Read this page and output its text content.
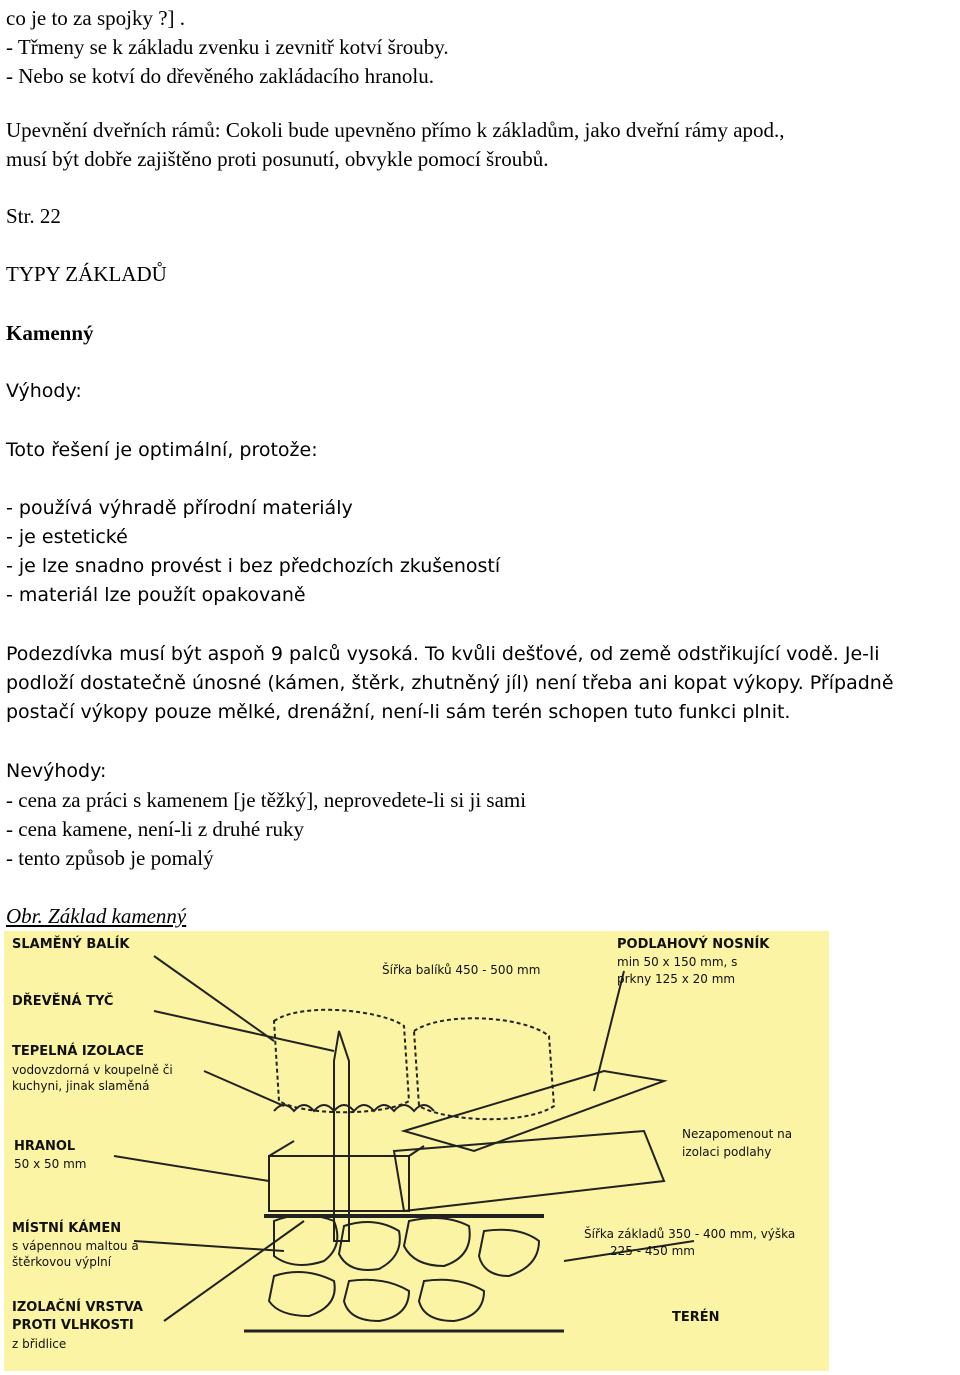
co je to za spojky ?] .
- Třmeny se k základu zvenku i zevnitř kotví šrouby.
- Nebo se kotví do dřevěného zakládacího hranolu.
Upevnění dveřních rámů: Cokoli bude upevněno přímo k základům, jako dveřní rámy apod.,
musí být dobře zajištěno proti posunutí, obvykle pomocí šroubů.
Str. 22
TYPY ZÁKLADŮ
Kamenný
Výhody:
Toto řešení je optimální, protože:
- používá výhradě přírodní materiály
- je estetické
- je lze snadno provést i bez předchozích zkušeností
- materiál lze použít opakovaně
Podezdívka musí být aspoň 9 palců vysoká. To kvůli dešťové, od země odstřikující vodě. Je-li
podloží dostatečně únosné (kámen, štěrk, zhutněný jíl) není třeba ani kopat výkopy. Případně
postačí výkopy pouze mělké, drenážní, není-li sám terén schopen tuto funkci plnit.
Nevýhody:
- cena za práci s kamenem [je těžký], neprovedete-li si ji sami
- cena kamene, není-li z druhé ruky
- tento způsob je pomalý
Obr. Základ kamenný
SLAMĚNÝ BALÍK
Šířka balíků 450 - 500 mm
PODLAHOVÝ NOSNÍK
min 50 x 150 mm, s
prkny 125 x 20 mm
DŘEVĚNÁ TYČ
TEPELNÁ IZOLACE
vodovzdorná v koupelně či
kuchyni, jinak slaměná
Nezapomenout na
izolaci podlahy
HRANOL
50 x 50 mm
MÍSTNÍ KÁMEN
s vápennou maltou a
štěrkovou výplní
Šířka základů 350 - 400 mm, výška
225 - 450 mm
IZOLAČNÍ VRSTVA
PROTI VLHKOSTI
z břidlice
TERÉN
